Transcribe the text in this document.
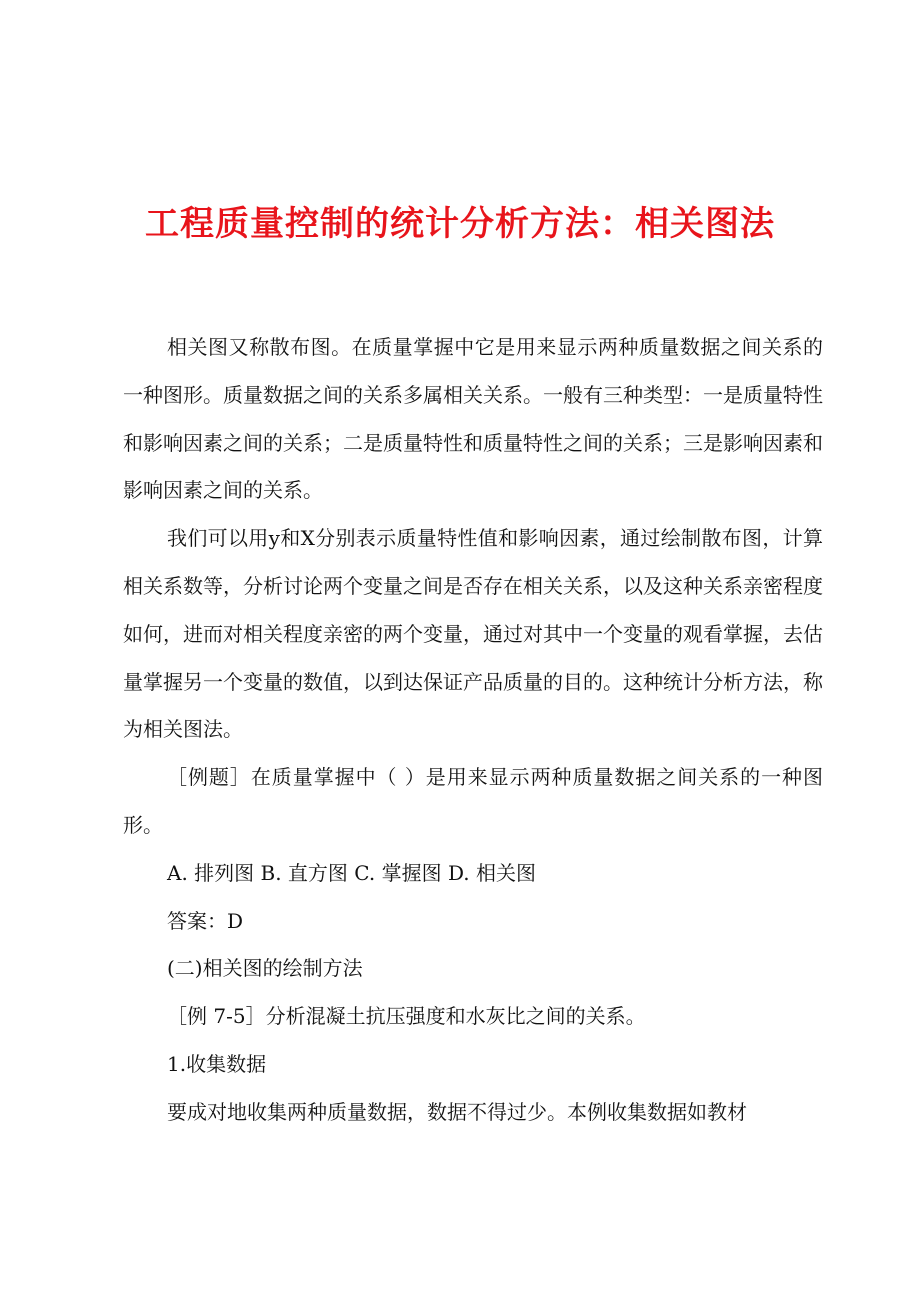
工程质量控制的统计分析方法：相关图法

相关图又称散布图。在质量掌握中它是用来显示两种质量数据之间关系的一种图形。质量数据之间的关系多属相关关系。一般有三种类型：一是质量特性和影响因素之间的关系；二是质量特性和质量特性之间的关系；三是影响因素和影响因素之间的关系。

我们可以用y和X分别表示质量特性值和影响因素，通过绘制散布图，计算相关系数等，分析讨论两个变量之间是否存在相关关系，以及这种关系亲密程度如何，进而对相关程度亲密的两个变量，通过对其中一个变量的观看掌握，去估量掌握另一个变量的数值，以到达保证产品质量的目的。这种统计分析方法，称为相关图法。

［例题］在质量掌握中（ ）是用来显示两种质量数据之间关系的一种图形。

A. 排列图 B. 直方图 C. 掌握图 D. 相关图

答案：D

(二)相关图的绘制方法

［例 7-5］分析混凝土抗压强度和水灰比之间的关系。

1.收集数据

要成对地收集两种质量数据，数据不得过少。本例收集数据如教材
